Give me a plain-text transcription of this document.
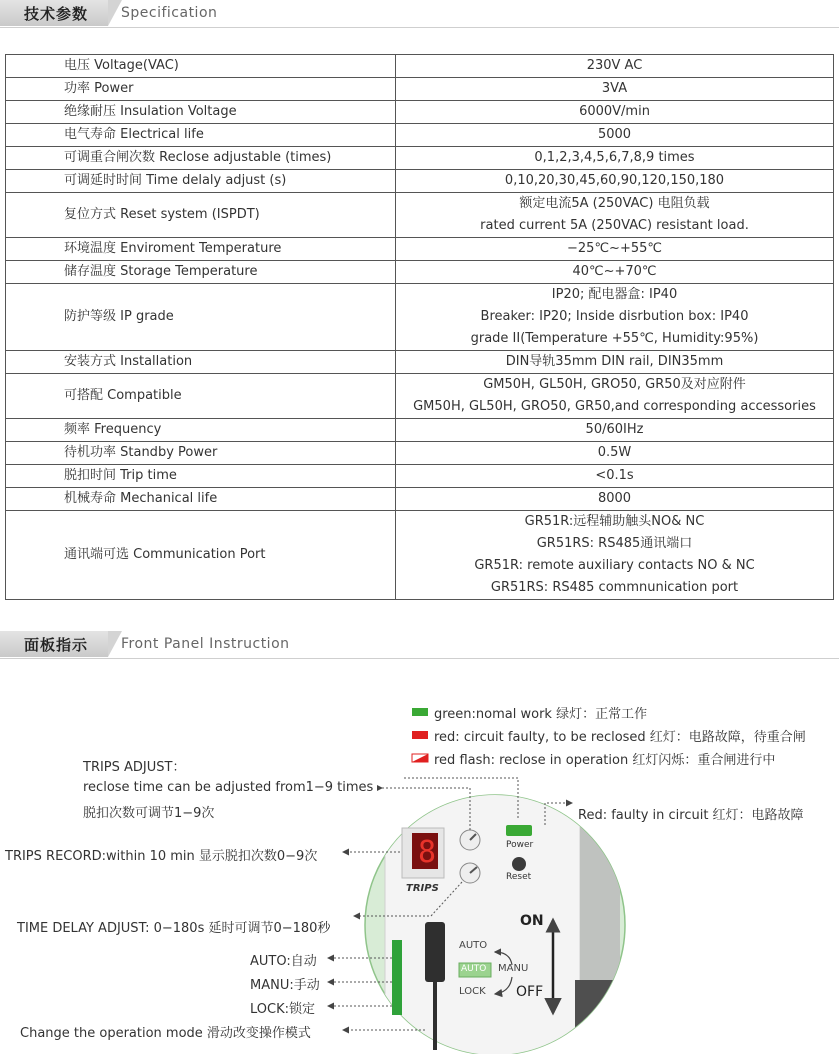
技术参数 Specification
电压 Voltage(VAC)	230V AC

功率 Power	3VA

绝缘耐压 Insulation Voltage	6000V/min

电气寿命 Electrical life	5000

可调重合闸次数 Reclose adjustable (times)	0,1,2,3,4,5,6,7,8,9 times

可调延时时间 Time delaly adjust (s)	0,10,20,30,45,60,90,120,150,180

复位方式 Reset system (ISPDT)	额定电流5A (250VAC) 电阻负载
rated current 5A (250VAC) resistant load.

环境温度 Enviroment Temperature	−25℃~+55℃

储存温度 Storage Temperature	40℃~+70℃

防护等级 IP grade	IP20; 配电器盒: IP40
Breaker: IP20; Inside disrbution box: IP40
grade II(Temperature +55℃, Humidity:95%)

安装方式 Installation	DIN导轨35mm DIN rail, DIN35mm

可搭配 Compatible	GM50H, GL50H, GRO50, GR50及对应附件
GM50H, GL50H, GRO50, GR50,and corresponding accessories

频率 Frequency	50/60IHz

待机功率 Standby Power	0.5W

脱扣时间 Trip time	<0.1s

机械寿命 Mechanical life	8000

通讯端可选 Communication Port	GR51R:远程辅助触头NO& NC
GR51RS: RS485通讯端口
GR51R: remote auxiliary contacts NO & NC
GR51RS: RS485 commnunication port
面板指示 Front Panel Instruction
8
green:nomal work 绿灯：正常工作
red: circuit faulty, to be reclosed 红灯：电路故障，待重合闸
red flash: reclose in operation 红灯闪烁：重合闸进行中
TRIPS ADJUST：
reclose time can be adjusted from1−9 times
脱扣次数可调节1−9次	Red: faulty in circuit 红灯：电路故障
TRIPS RECORD:within 10 min 显示脱扣次数0−9次
TIME DELAY ADJUST: 0−180s 延时可调节0−180秒
AUTO:自动
MANU:手动
LOCK:锁定
Change the operation mode 滑动改变操作模式
Power
Reset
TRIPS
ON
OFF
AUTO
AUTO MANU
LOCK
